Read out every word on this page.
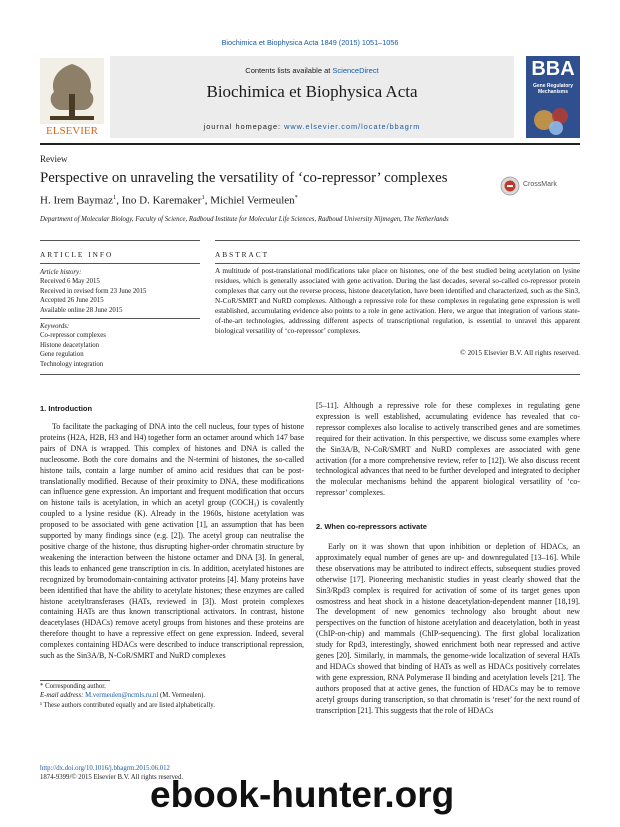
Biochimica et Biophysica Acta 1849 (2015) 1051–1056
ELSEVIER
Contents lists available at ScienceDirect
Biochimica et Biophysica Acta
journal homepage: www.elsevier.com/locate/bbagrm
BBA
Gene Regulatory Mechanisms
Review
Perspective on unraveling the versatility of ‘co-repressor’ complexes	CrossMark
H. Irem Baymaz$^1$, Ino D. Karemaker$^1$, Michiel Vermeulen*
Department of Molecular Biology, Faculty of Science, Radboud Institute for Molecular Life Sciences, Radboud University Nijmegen, The Netherlands
ARTICLE INFO
Article history:
Received 6 May 2015
Received in revised form 23 June 2015
Accepted 26 June 2015
Available online 28 June 2015
Keywords:
Co-repressor complexes
Histone deacetylation
Gene regulation
Technology integration
ABSTRACT
A multitude of post-translational modifications take place on histones, one of the best studied being acetylation on lysine residues, which is generally associated with gene activation. During the last decades, several so-called co-repressor protein complexes that carry out the reverse process, histone deacetylation, have been identified and characterized, such as the Sin3, N-CoR/SMRT and NuRD complexes. Although a repressive role for these complexes in regulating gene expression is well established, accumulating evidence also points to a role in gene activation. Here, we argue that integration of various state-of-the-art technologies, addressing different aspects of transcriptional regulation, is essential to unravel this apparent biological versatility of ‘co-repressor’ complexes.
© 2015 Elsevier B.V. All rights reserved.
1. Introduction
To facilitate the packaging of DNA into the cell nucleus, four types of histone proteins (H2A, H2B, H3 and H4) together form an octamer around which 147 base pairs of DNA is wrapped. This complex of histones and DNA is called the nucleosome. Both the core domains and the N-termini of histones, the so-called histone tails, contain a large number of amino acid residues that can be post-translationally modified. Because of their proximity to DNA, these modifications can influence gene expression. An important and frequent modification that occurs on histone tails is acetylation, in which an acetyl group (COCH₃) is covalently coupled to a lysine residue (K). Already in the 1960s, histone acetylation was proposed to be associated with gene activation [1], an assumption that has been supported by many findings since (e.g. [2]). The acetyl group can neutralise the positive charge of the histone, thus disrupting higher-order chromatin structure by weakening the interaction between the histone octamer and DNA [3]. In general, this leads to enhanced gene transcription in cis. In addition, acetylated histones are recognized by bromodomain-containing activator proteins [4]. Many proteins have been identified that have the ability to acetylate histones; these enzymes are called histone acetyltransferases (HATs, reviewed in [3]). Most protein complexes containing HATs are thus known transcriptional activators. In contrast, histone deacetylases (HDACs) remove acetyl groups from histones and these proteins are therefore thought to have a repressive effect on gene expression. Indeed, several complexes containing HDACs were described to induce transcriptional repression, such as the Sin3A/B, N-CoR/SMRT and NuRD complexes
[5–11]. Although a repressive role for these complexes in regulating gene expression is well established, accumulating evidence has revealed that co-repressor complexes also localise to actively transcribed genes and are sometimes required for their activation. In this perspective, we discuss some examples where the Sin3A/B, N-CoR/SMRT and NuRD complexes are associated with gene activation (for a more comprehensive review, refer to [12]). We also discuss recent technological advances that need to be further developed and integrated to decipher the molecular mechanisms behind the apparent biological versatility of ‘co-repressor’ complexes.
2. When co-repressors activate
Early on it was shown that upon inhibition or depletion of HDACs, an approximately equal number of genes are up- and downregulated [13–16]. While these observations may be attributed to indirect effects, subsequent studies proved otherwise [17]. Pioneering mechanistic studies in yeast clearly showed that the Sin3/Rpd3 complex is required for activation of some of its target genes upon osmostress and heat shock in a histone deacetylation-dependent manner [18,19]. The development of new genomics technology also brought about new perspectives on the function of histone acetylation and deacetylation, both in yeast (ChIP-on-chip) and mammals (ChIP-sequencing). The first global localization study for Rpd3, interestingly, showed enrichment both near repressed and active genes [20]. Similarly, in mammals, the genome-wide localization of several HATs and HDACs showed that binding of HATs as well as HDACs positively correlates with gene expression, RNA Polymerase II binding and acetylation levels [21]. The authors proposed that at active genes, the function of HDACs may be to remove acetyl groups during transcription, so that chromatin is ‘reset’ for the next round of transcription [21]. This suggests that the role of HDACs
* Corresponding author.
E-mail address: M.vermeulen@ncmls.ru.nl (M. Vermeulen).
¹ These authors contributed equally and are listed alphabetically.
http://dx.doi.org/10.1016/j.bbagrm.2015.06.012
1874-9399/© 2015 Elsevier B.V. All rights reserved.
ebook-hunter.org
